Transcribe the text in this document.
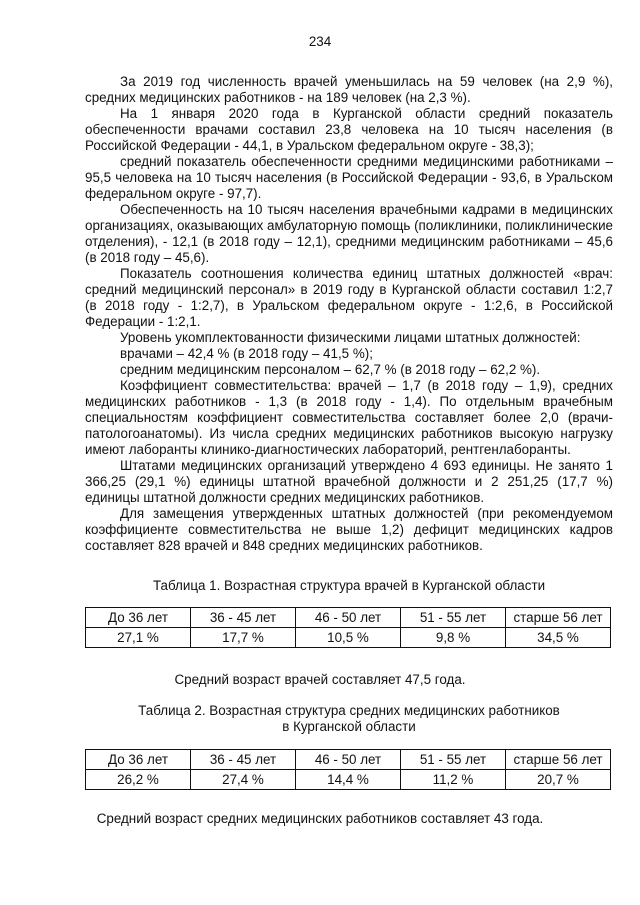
234

За 2019 год численность врачей уменьшилась на 59 человек (на 2,9 %), средних медицинских работников - на 189 человек (на 2,3 %).

На 1 января 2020 года в Курганской области средний показатель обеспеченности врачами составил 23,8 человека на 10 тысяч населения (в Российской Федерации - 44,1, в Уральском федеральном округе - 38,3);

средний показатель обеспеченности средними медицинскими работниками – 95,5 человека на 10 тысяч населения (в Российской Федерации - 93,6, в Уральском федеральном округе - 97,7).

Обеспеченность на 10 тысяч населения врачебными кадрами в медицинских организациях, оказывающих амбулаторную помощь (поликлиники, поликлинические отделения), - 12,1 (в 2018 году – 12,1), средними медицинским работниками – 45,6 (в 2018 году – 45,6).

Показатель соотношения количества единиц штатных должностей «врач: средний медицинский персонал» в 2019 году в Курганской области составил 1:2,7 (в 2018 году - 1:2,7), в Уральском федеральном округе - 1:2,6, в Российской Федерации - 1:2,1.

Уровень укомплектованности физическими лицами штатных должностей:

врачами – 42,4 % (в 2018 году – 41,5 %);

средним медицинским персоналом – 62,7 % (в 2018 году – 62,2 %).

Коэффициент совместительства: врачей – 1,7 (в 2018 году – 1,9), средних медицинских работников - 1,3 (в 2018 году - 1,4). По отдельным врачебным специальностям коэффициент совместительства составляет более 2,0 (врачи-патологоанатомы). Из числа средних медицинских работников высокую нагрузку имеют лаборанты клинико-диагностических лабораторий, рентгенлаборанты.

Штатами медицинских организаций утверждено 4 693 единицы. Не занято 1 366,25 (29,1 %) единицы штатной врачебной должности и 2 251,25 (17,7 %) единицы штатной должности средних медицинских работников.

Для замещения утвержденных штатных должностей (при рекомендуемом коэффициенте совместительства не выше 1,2) дефицит медицинских кадров составляет 828 врачей и 848 средних медицинских работников.

Таблица 1. Возрастная структура врачей в Курганской области

До 36 лет	36 - 45 лет	46 - 50 лет	51 - 55 лет	старше 56 лет
27,1 %	17,7 %	10,5 %	9,8 %	34,5 %

Средний возраст врачей составляет 47,5 года.

Таблица 2. Возрастная структура средних медицинских работников

в Курганской области

До 36 лет	36 - 45 лет	46 - 50 лет	51 - 55 лет	старше 56 лет
26,2 %	27,4 %	14,4 %	11,2 %	20,7 %

Средний возраст средних медицинских работников составляет 43 года.
